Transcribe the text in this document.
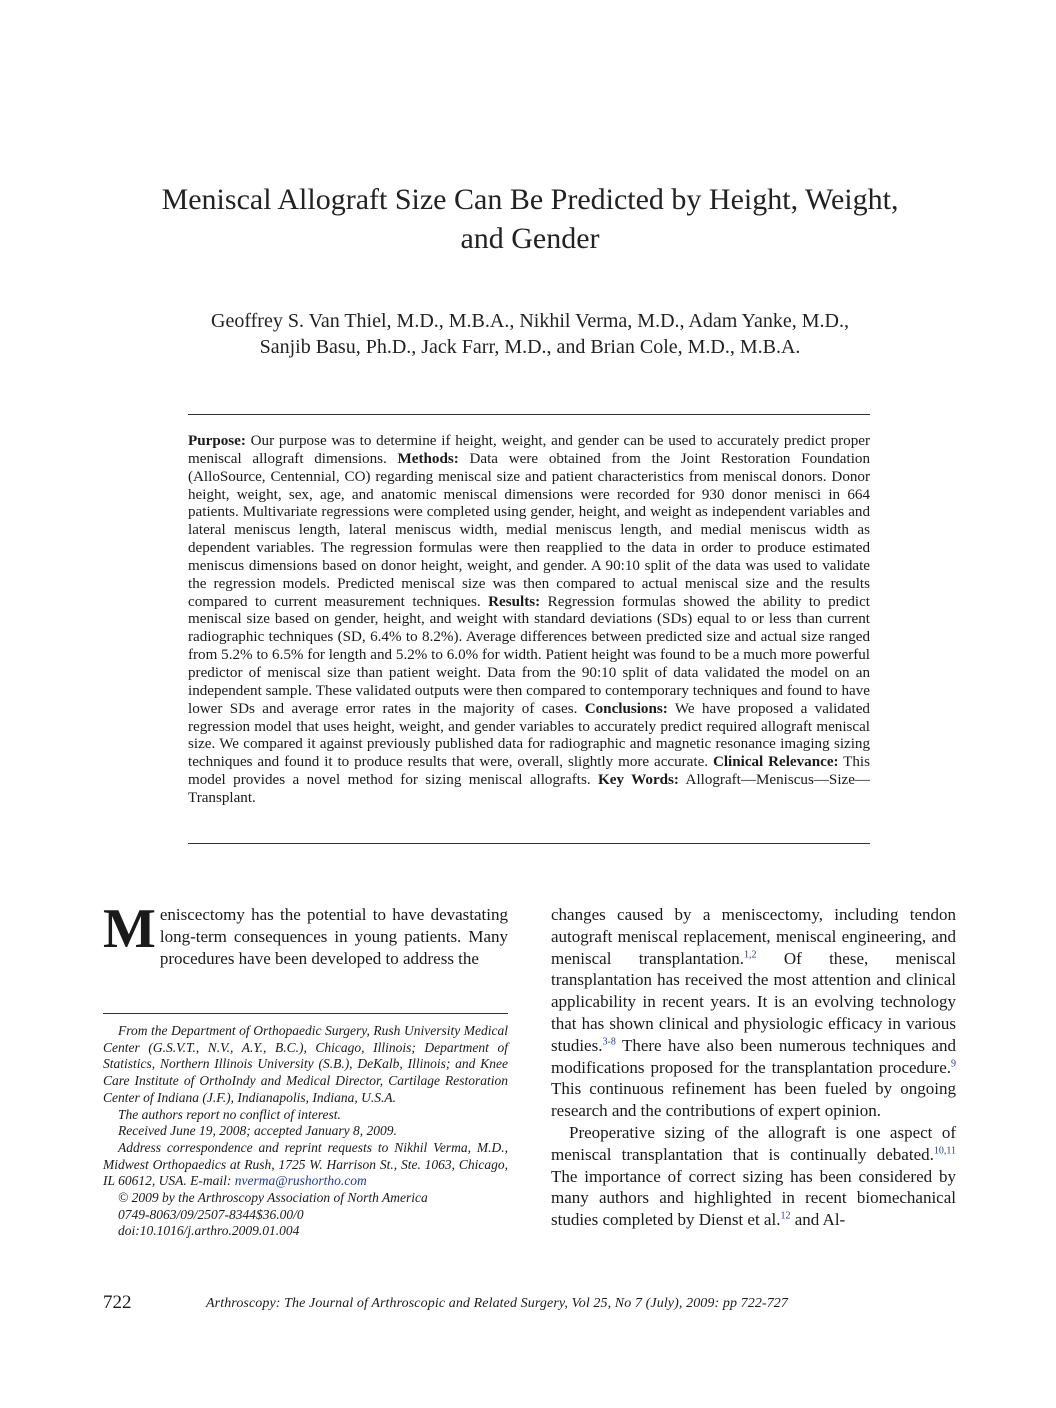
Meniscal Allograft Size Can Be Predicted by Height, Weight,
and Gender
Geoffrey S. Van Thiel, M.D., M.B.A., Nikhil Verma, M.D., Adam Yanke, M.D.,
Sanjib Basu, Ph.D., Jack Farr, M.D., and Brian Cole, M.D., M.B.A.
Purpose: Our purpose was to determine if height, weight, and gender can be used to accurately predict proper meniscal allograft dimensions. Methods: Data were obtained from the Joint Restoration Foundation (AlloSource, Centennial, CO) regarding meniscal size and patient characteristics from meniscal donors. Donor height, weight, sex, age, and anatomic meniscal dimensions were recorded for 930 donor menisci in 664 patients. Multivariate regressions were completed using gender, height, and weight as independent variables and lateral meniscus length, lateral meniscus width, medial meniscus length, and medial meniscus width as dependent variables. The regression formulas were then reapplied to the data in order to produce estimated meniscus dimensions based on donor height, weight, and gender. A 90:10 split of the data was used to validate the regression models. Predicted meniscal size was then compared to actual meniscal size and the results compared to current measurement techniques. Results: Regression formulas showed the ability to predict meniscal size based on gender, height, and weight with standard deviations (SDs) equal to or less than current radiographic techniques (SD, 6.4% to 8.2%). Average differences between predicted size and actual size ranged from 5.2% to 6.5% for length and 5.2% to 6.0% for width. Patient height was found to be a much more powerful predictor of meniscal size than patient weight. Data from the 90:10 split of data validated the model on an independent sample. These validated outputs were then compared to contemporary techniques and found to have lower SDs and average error rates in the majority of cases. Conclusions: We have proposed a validated regression model that uses height, weight, and gender variables to accurately predict required allograft meniscal size. We compared it against previously published data for radiographic and magnetic resonance imaging sizing techniques and found it to produce results that were, overall, slightly more accurate. Clinical Relevance: This model provides a novel method for sizing meniscal allografts. Key Words: Allograft—Meniscus—Size—Transplant.

Meniscectomy has the potential to have devastating long-term consequences in young patients. Many procedures have been developed to address the

From the Department of Orthopaedic Surgery, Rush University Medical Center (G.S.V.T., N.V., A.Y., B.C.), Chicago, Illinois; Department of Statistics, Northern Illinois University (S.B.), DeKalb, Illinois; and Knee Care Institute of OrthoIndy and Medical Director, Cartilage Restoration Center of Indiana (J.F.), Indianapolis, Indiana, U.S.A.

The authors report no conflict of interest.

Received June 19, 2008; accepted January 8, 2009.

Address correspondence and reprint requests to Nikhil Verma, M.D., Midwest Orthopaedics at Rush, 1725 W. Harrison St., Ste. 1063, Chicago, IL 60612, USA. E-mail: nverma@rushortho.com

© 2009 by the Arthroscopy Association of North America

0749-8063/09/2507-8344$36.00/0

doi:10.1016/j.arthro.2009.01.004

changes caused by a meniscectomy, including tendon autograft meniscal replacement, meniscal engineering, and meniscal transplantation.$^{1,2}$ Of these, meniscal transplantation has received the most attention and clinical applicability in recent years. It is an evolving technology that has shown clinical and physiologic efficacy in various studies.$^{3-8}$ There have also been numerous techniques and modifications proposed for the transplantation procedure.$^9$ This continuous refinement has been fueled by ongoing research and the contributions of expert opinion.

Preoperative sizing of the allograft is one aspect of meniscal transplantation that is continually debated.$^{10,11}$ The importance of correct sizing has been considered by many authors and highlighted in recent biomechanical studies completed by Dienst et al.$^{12}$ and Al-

722	Arthroscopy: The Journal of Arthroscopic and Related Surgery, Vol 25, No 7 (July), 2009: pp 722-727
